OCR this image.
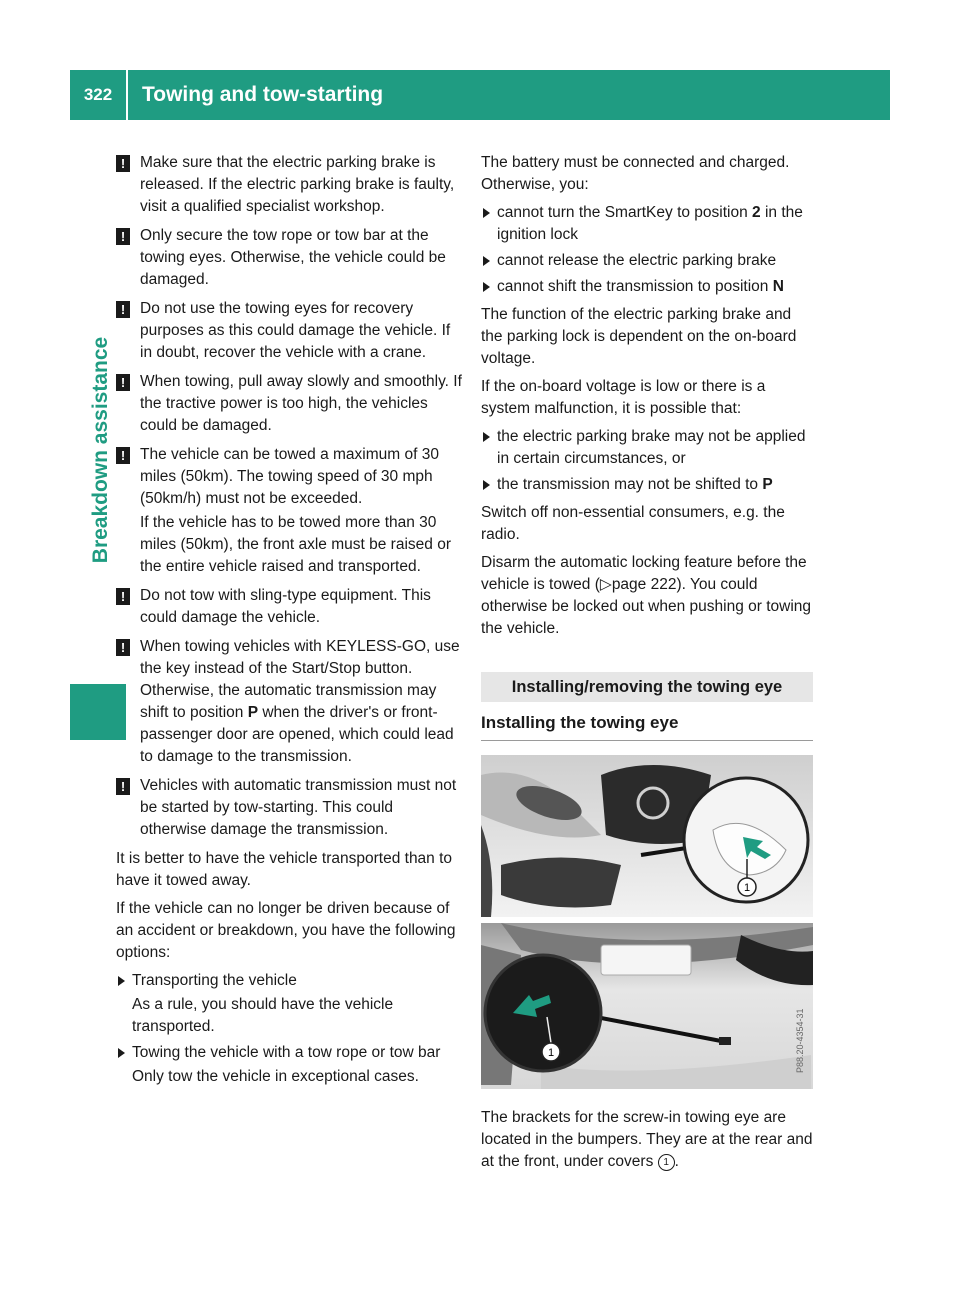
322	Towing and tow-starting
Breakdown assistance
! Make sure that the electric parking brake is released. If the electric parking brake is faulty, visit a qualified specialist workshop.
! Only secure the tow rope or tow bar at the towing eyes. Otherwise, the vehicle could be damaged.
! Do not use the towing eyes for recovery purposes as this could damage the vehicle. If in doubt, recover the vehicle with a crane.
! When towing, pull away slowly and smoothly. If the tractive power is too high, the vehicles could be damaged.
! The vehicle can be towed a maximum of 30 miles (50km). The towing speed of 30 mph (50km/h) must not be exceeded.
If the vehicle has to be towed more than 30 miles (50km), the front axle must be raised or the entire vehicle raised and transported.
! Do not tow with sling-type equipment. This could damage the vehicle.
! When towing vehicles with KEYLESS-GO, use the key instead of the Start/Stop button. Otherwise, the automatic transmission may shift to position P when the driver's or front-passenger door are opened, which could lead to damage to the transmission.
! Vehicles with automatic transmission must not be started by tow-starting. This could otherwise damage the transmission.

It is better to have the vehicle transported than to have it towed away.

If the vehicle can no longer be driven because of an accident or breakdown, you have the following options:

Transporting the vehicle
As a rule, you should have the vehicle transported.
Towing the vehicle with a tow rope or tow bar
Only tow the vehicle in exceptional cases.

The battery must be connected and charged. Otherwise, you:

cannot turn the SmartKey to position 2 in the ignition lock
cannot release the electric parking brake
cannot shift the transmission to position N

The function of the electric parking brake and the parking lock is dependent on the on-board voltage.

If the on-board voltage is low or there is a system malfunction, it is possible that:

the electric parking brake may not be applied in certain circumstances, or
the transmission may not be shifted to P

Switch off non-essential consumers, e.g. the radio.

Disarm the automatic locking feature before the vehicle is towed (▷page 222). You could otherwise be locked out when pushing or towing the vehicle.

Installing/removing the towing eye
Installing the towing eye
1
1	P88.20-4354-31

The brackets for the screw-in towing eye are located in the bumpers. They are at the rear and at the front, under covers 1 .
